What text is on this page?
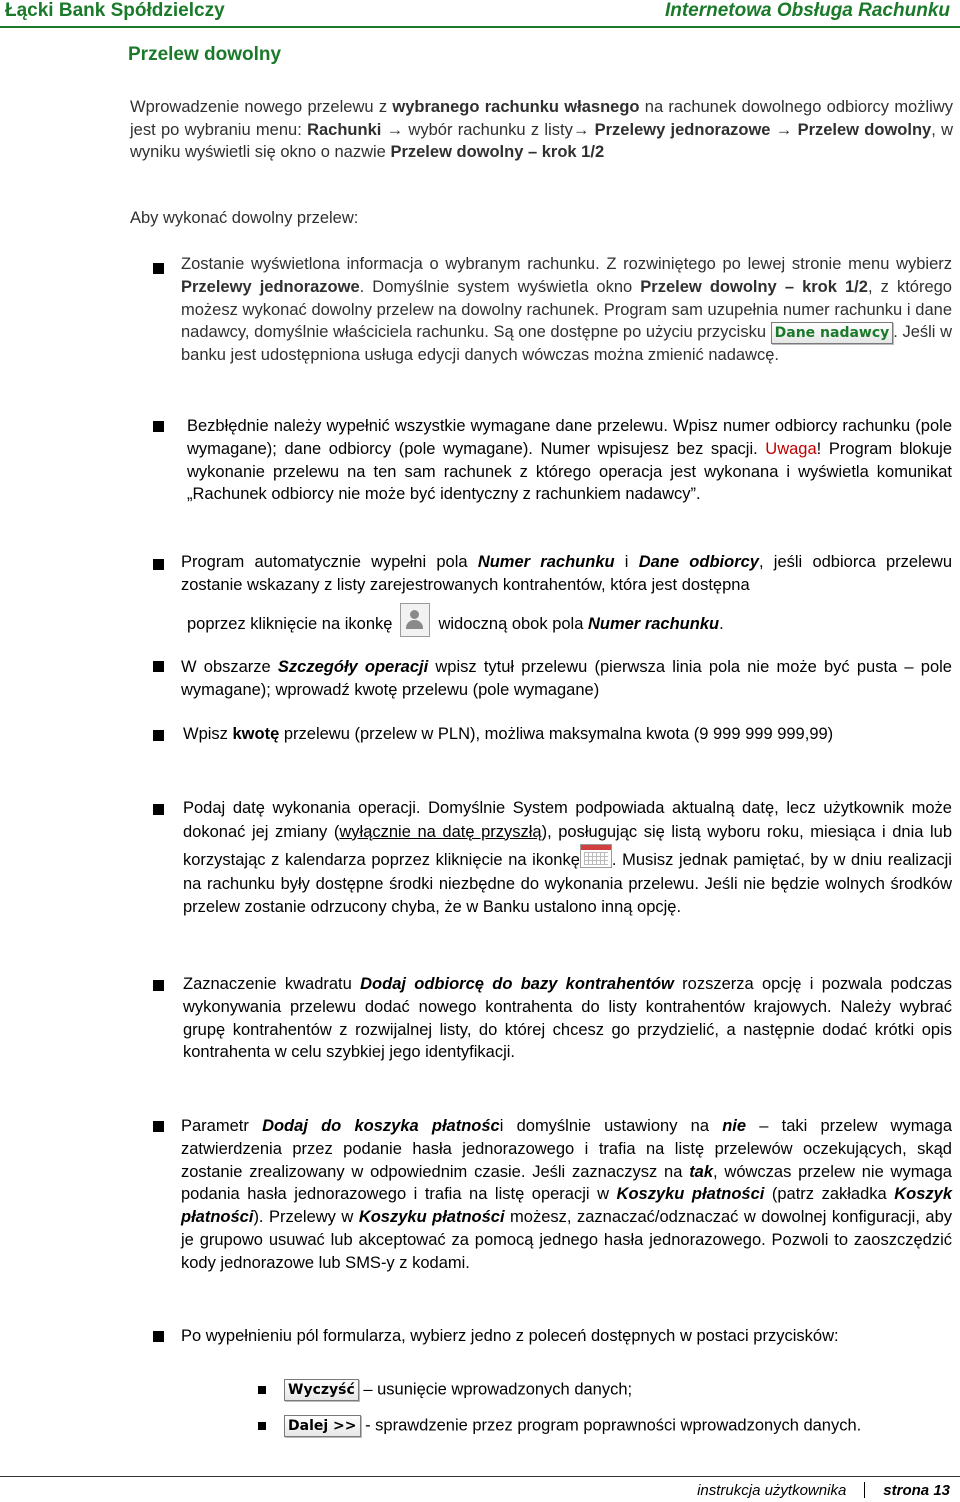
Łącki Bank Spółdzielczy	Internetowa Obsługa Rachunku
Przelew dowolny
Wprowadzenie nowego przelewu z wybranego rachunku własnego na rachunek dowolnego odbiorcy możliwy jest po wybraniu menu: Rachunki → wybór rachunku z listy→ Przelewy jednorazowe → Przelew dowolny, w wyniku wyświetli się okno o nazwie Przelew dowolny – krok 1/2
Aby wykonać dowolny przelew:
Zostanie wyświetlona informacja o wybranym rachunku. Z rozwiniętego po lewej stronie menu wybierz Przelewy jednorazowe. Domyślnie system wyświetla okno Przelew dowolny – krok 1/2, z którego możesz wykonać dowolny przelew na dowolny rachunek. Program sam uzupełnia numer rachunku i dane nadawcy, domyślnie właściciela rachunku. Są one dostępne po użyciu przycisku Dane nadawcy . Jeśli w banku jest udostępniona usługa edycji danych wówczas można zmienić nadawcę.
Bezbłędnie należy wypełnić wszystkie wymagane dane przelewu. Wpisz numer odbiorcy rachunku (pole wymagane); dane odbiorcy (pole wymagane). Numer wpisujesz bez spacji. Uwaga! Program blokuje wykonanie przelewu na ten sam rachunek z którego operacja jest wykonana i wyświetla komunikat „Rachunek odbiorcy nie może być identyczny z rachunkiem nadawcy”.
Program automatycznie wypełni pola Numer rachunku i Dane odbiorcy, jeśli odbiorca przelewu zostanie wskazany z listy zarejestrowanych kontrahentów, która jest dostępna
poprzez kliknięcie na ikonkę	widoczną obok pola Numer rachunku.
W obszarze Szczegóły operacji wpisz tytuł przelewu (pierwsza linia pola nie może być pusta – pole wymagane); wprowadź kwotę przelewu (pole wymagane)
Wpisz kwotę przelewu (przelew w PLN), możliwa maksymalna kwota (9 999 999 999,99)
Podaj datę wykonania operacji. Domyślnie System podpowiada aktualną datę, lecz użytkownik może dokonać jej zmiany (wyłącznie na datę przyszłą), posługując się listą wyboru roku, miesiąca i dnia lub korzystając z kalendarza poprzez kliknięcie na ikonkę . Musisz jednak pamiętać, by w dniu realizacji na rachunku były dostępne środki niezbędne do wykonania przelewu. Jeśli nie będzie wolnych środków przelew zostanie odrzucony chyba, że w Banku ustalono inną opcję.
Zaznaczenie kwadratu Dodaj odbiorcę do bazy kontrahentów rozszerza opcję i pozwala podczas wykonywania przelewu dodać nowego kontrahenta do listy kontrahentów krajowych. Należy wybrać grupę kontrahentów z rozwijalnej listy, do której chcesz go przydzielić, a następnie dodać krótki opis kontrahenta w celu szybkiej jego identyfikacji.
Parametr Dodaj do koszyka płatności domyślnie ustawiony na nie – taki przelew wymaga zatwierdzenia przez podanie hasła jednorazowego i trafia na listę przelewów oczekujących, skąd zostanie zrealizowany w odpowiednim czasie. Jeśli zaznaczysz na tak, wówczas przelew nie wymaga podania hasła jednorazowego i trafia na listę operacji w Koszyku płatności (patrz zakładka Koszyk płatności). Przelewy w Koszyku płatności możesz, zaznaczać/odznaczać w dowolnej konfiguracji, aby je grupowo usuwać lub akceptować za pomocą jednego hasła jednorazowego. Pozwoli to zaoszczędzić kody jednorazowe lub SMS-y z kodami.
Po wypełnieniu pól formularza, wybierz jedno z poleceń dostępnych w postaci przycisków:
Wyczyść – usunięcie wprowadzonych danych;
Dalej >> - sprawdzenie przez program poprawności wprowadzonych danych.
instrukcja użytkownika strona 13
